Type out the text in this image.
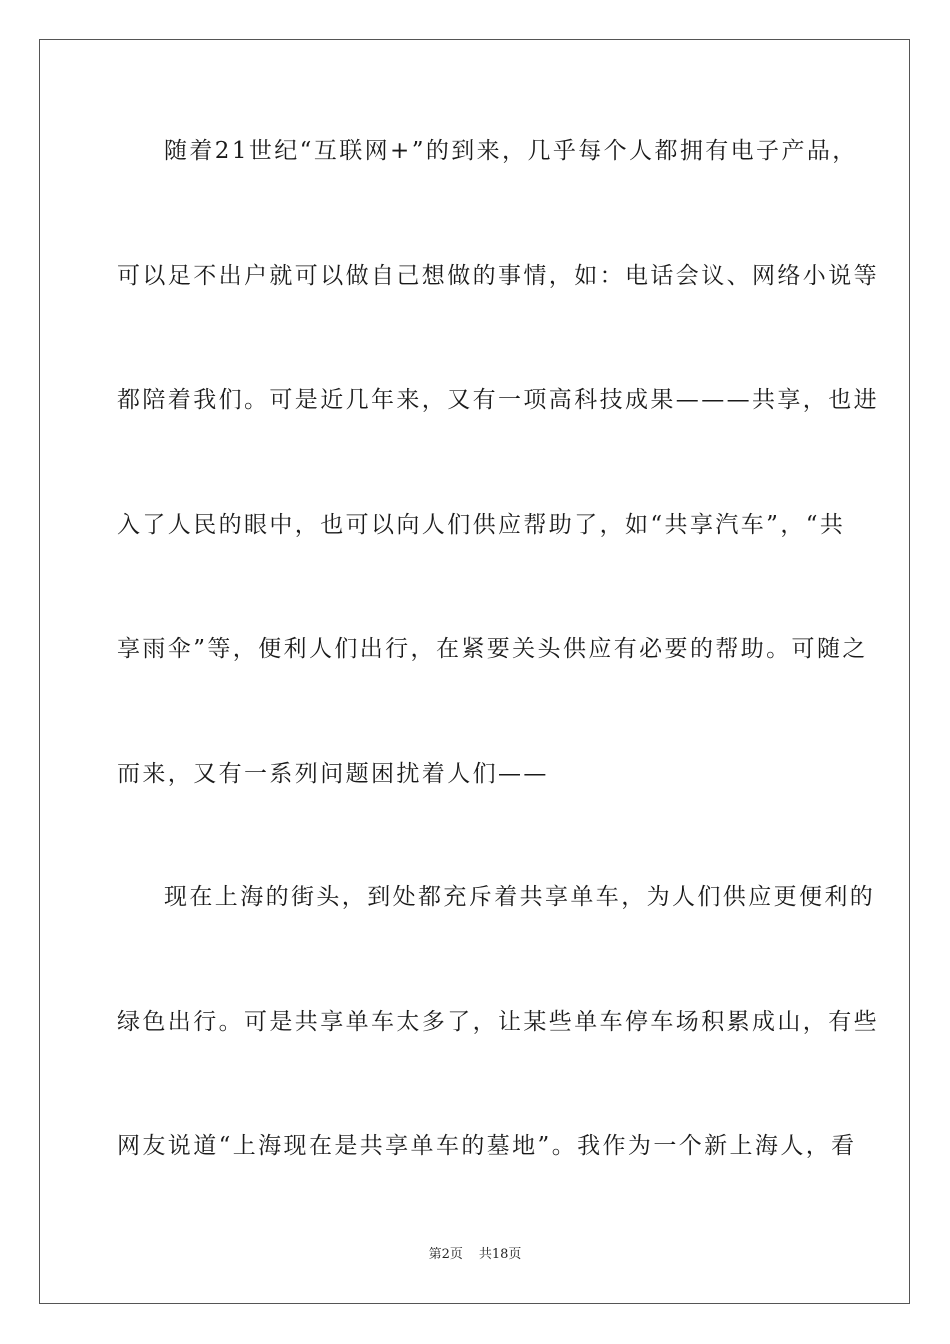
随着21世纪“互联网+”的到来，几乎每个人都拥有电子产品，
可以足不出户就可以做自己想做的事情，如：电话会议、网络小说等
都陪着我们。可是近几年来，又有一项高科技成果———共享，也进
入了人民的眼中，也可以向人们供应帮助了，如“共享汽车”，“共
享雨伞”等，便利人们出行，在紧要关头供应有必要的帮助。可随之
而来，又有一系列问题困扰着人们——
现在上海的街头，到处都充斥着共享单车，为人们供应更便利的
绿色出行。可是共享单车太多了，让某些单车停车场积累成山，有些
网友说道“上海现在是共享单车的墓地”。我作为一个新上海人，看
第2页 共18页
